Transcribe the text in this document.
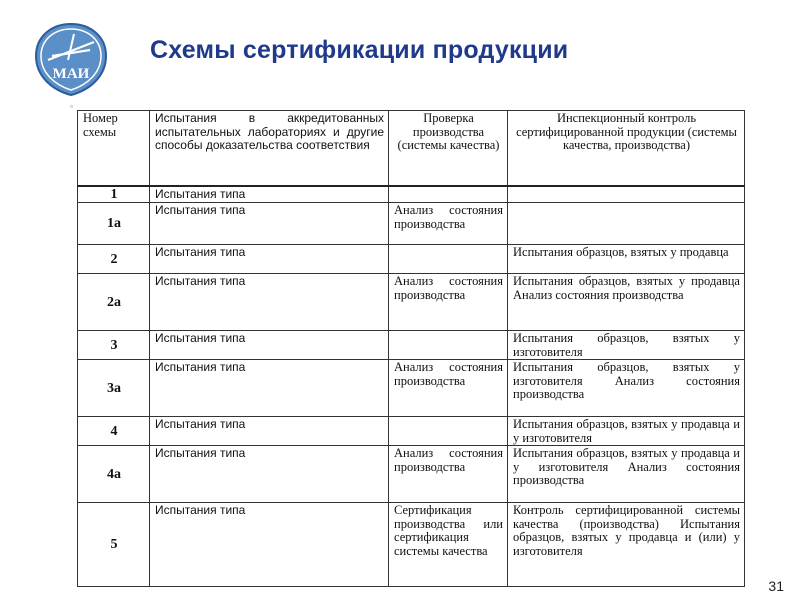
МАИ
Схемы сертификации продукции
▫
Номер схемы	Испытания в аккредитованных испытательных лабораториях и другие способы доказательства соответствия	Проверка производства (системы качества)	Инспекционный контроль сертифицированной продукции (системы качества, производства)
1	Испытания типа		
1а	Испытания типа	Анализ состояния производства	
2	Испытания типа		Испытания образцов, взятых у продавца
2а	Испытания типа	Анализ состояния производства	Испытания образцов, взятых у продавца Анализ состояния производства
3	Испытания типа		Испытания образцов, взятых у изготовителя
3а	Испытания типа	Анализ состояния производства	Испытания образцов, взятых у изготовителя Анализ состояния производства
4	Испытания типа		Испытания образцов, взятых у продавца и у изготовителя
4а	Испытания типа	Анализ состояния производства	Испытания образцов, взятых у продавца и у изготовителя Анализ состояния производства
5	Испытания типа	Сертификация производства или сертификация системы качества	Контроль сертифицированной системы качества (производства) Испытания образцов, взятых у продавца и (или) у изготовителя
31
